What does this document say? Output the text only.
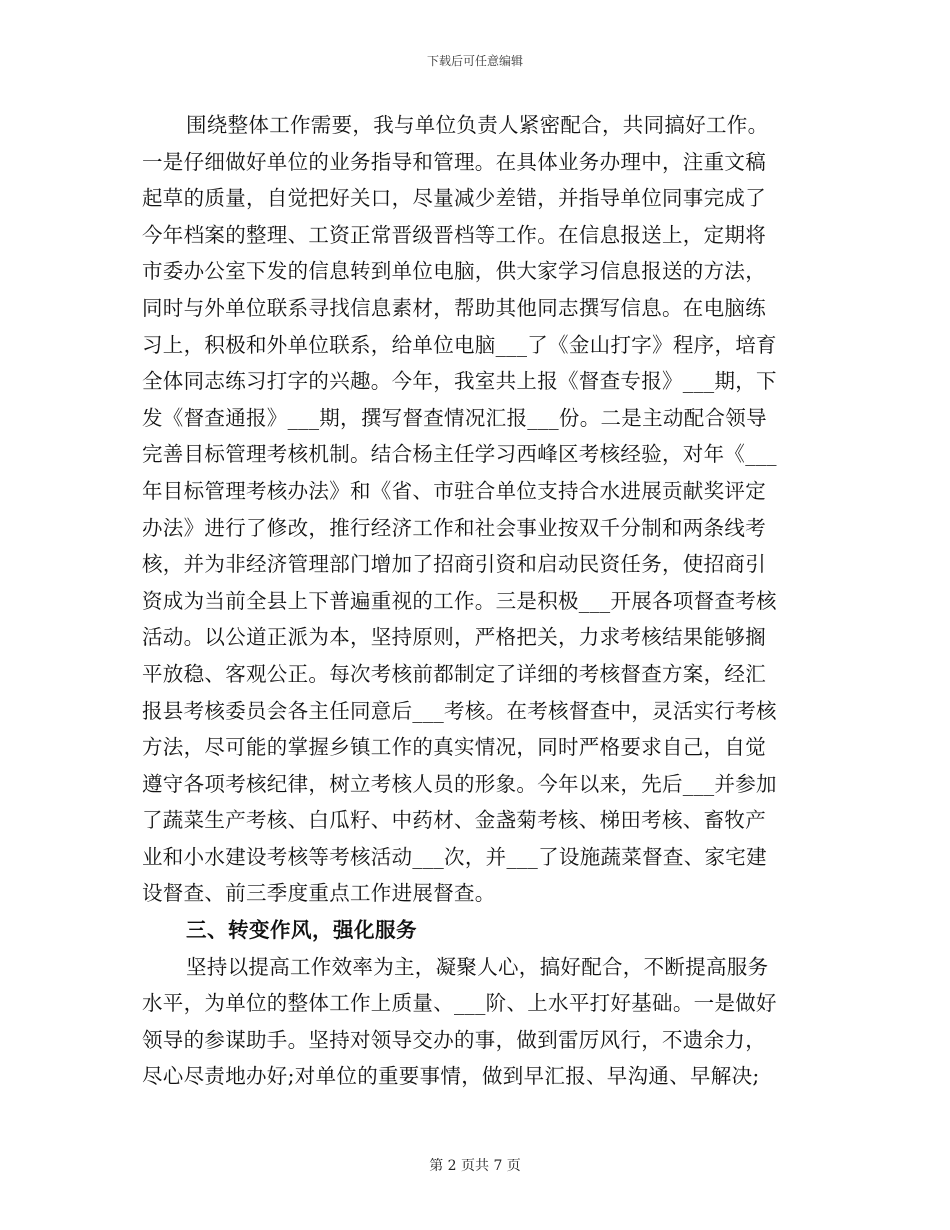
下载后可任意编辑
围绕整体工作需要，我与单位负责人紧密配合，共同搞好工作。
一是仔细做好单位的业务指导和管理。在具体业务办理中，注重文稿
起草的质量，自觉把好关口，尽量减少差错，并指导单位同事完成了
今年档案的整理、工资正常晋级晋档等工作。在信息报送上，定期将
市委办公室下发的信息转到单位电脑，供大家学习信息报送的方法，
同时与外单位联系寻找信息素材，帮助其他同志撰写信息。在电脑练
习上，积极和外单位联系，给单位电脑___了《金山打字》程序，培育
全体同志练习打字的兴趣。今年，我室共上报《督查专报》___期，下
发《督查通报》___期，撰写督查情况汇报___份。二是主动配合领导
完善目标管理考核机制。结合杨主任学习西峰区考核经验，对年《___
年目标管理考核办法》和《省、市驻合单位支持合水进展贡献奖评定
办法》进行了修改，推行经济工作和社会事业按双千分制和两条线考
核，并为非经济管理部门增加了招商引资和启动民资任务，使招商引
资成为当前全县上下普遍重视的工作。三是积极___开展各项督查考核
活动。以公道正派为本，坚持原则，严格把关，力求考核结果能够搁
平放稳、客观公正。每次考核前都制定了详细的考核督查方案，经汇
报县考核委员会各主任同意后___考核。在考核督查中，灵活实行考核
方法，尽可能的掌握乡镇工作的真实情况，同时严格要求自己，自觉
遵守各项考核纪律，树立考核人员的形象。今年以来，先后___并参加
了蔬菜生产考核、白瓜籽、中药材、金盏菊考核、梯田考核、畜牧产
业和小水建设考核等考核活动___次，并___了设施蔬菜督查、家宅建
设督查、前三季度重点工作进展督查。
三、转变作风，强化服务
坚持以提高工作效率为主，凝聚人心，搞好配合，不断提高服务
水平，为单位的整体工作上质量、___阶、上水平打好基础。一是做好
领导的参谋助手。坚持对领导交办的事，做到雷厉风行，不遗余力，
尽心尽责地办好;对单位的重要事情，做到早汇报、早沟通、早解决;
第 2 页共 7 页
